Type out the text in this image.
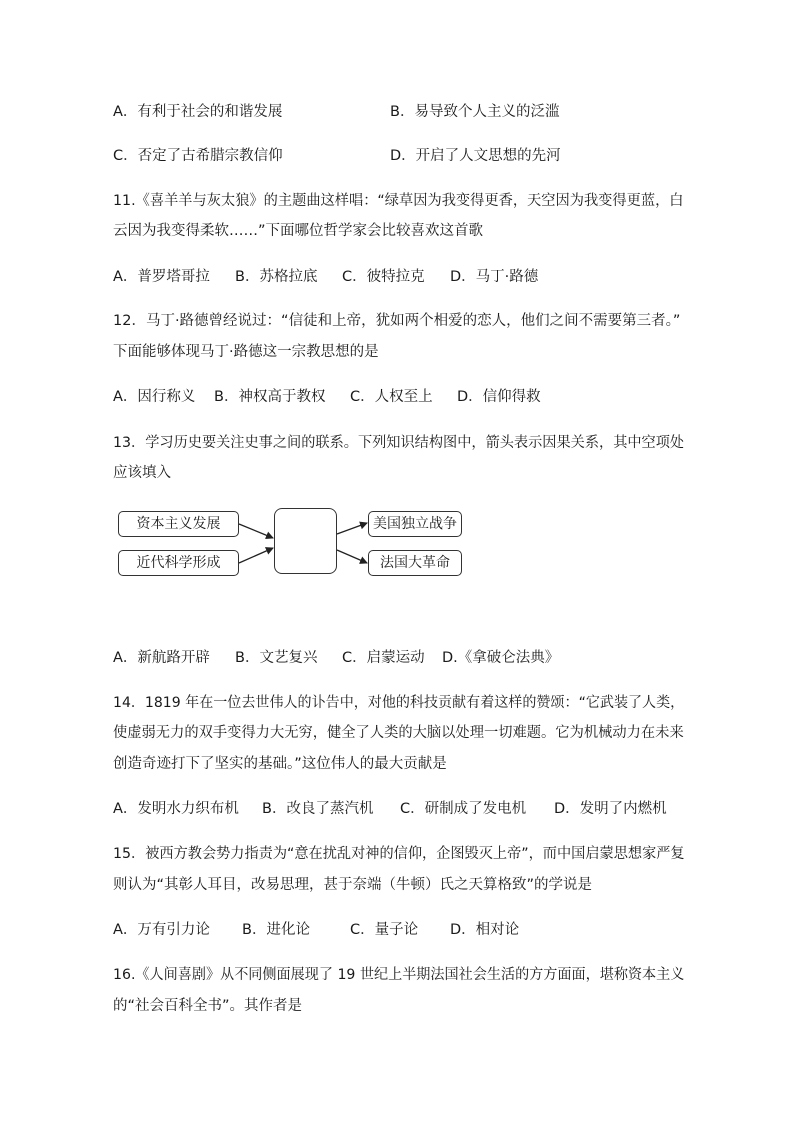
A．有利于社会的和谐发展	B．易导致个人主义的泛滥
C．否定了古希腊宗教信仰	D．开启了人文思想的先河
11.《喜羊羊与灰太狼》的主题曲这样唱：“绿草因为我变得更香，天空因为我变得更蓝，白
云因为我变得柔软……”下面哪位哲学家会比较喜欢这首歌
A．普罗塔哥拉 B．苏格拉底 C．彼特拉克 D．马丁·路德
12．马丁·路德曾经说过：“信徒和上帝，犹如两个相爱的恋人，他们之间不需要第三者。”
下面能够体现马丁·路德这一宗教思想的是
A．因行称义 B．神权高于教权 C．人权至上 D．信仰得救
13．学习历史要关注史事之间的联系。下列知识结构图中，箭头表示因果关系，其中空项处
应该填入
资本主义发展
近代科学形成
美国独立战争
法国大革命
A．新航路开辟 B．文艺复兴 C．启蒙运动 D.《拿破仑法典》
14．1819 年在一位去世伟人的讣告中，对他的科技贡献有着这样的赞颂：“它武装了人类，
使虚弱无力的双手变得力大无穷，健全了人类的大脑以处理一切难题。它为机械动力在未来
创造奇迹打下了坚实的基础。”这位伟人的最大贡献是
A．发明水力织布机 B．改良了蒸汽机 C．研制成了发电机 D．发明了内燃机
15．被西方教会势力指责为“意在扰乱对神的信仰，企图毁灭上帝”，而中国启蒙思想家严复
则认为“其彰人耳目，改易思理，甚于奈端（牛顿）氏之天算格致”的学说是
A．万有引力论 B．进化论	C．量子论 D．相对论
16.《人间喜剧》从不同侧面展现了 19 世纪上半期法国社会生活的方方面面，堪称资本主义
的“社会百科全书”。其作者是
